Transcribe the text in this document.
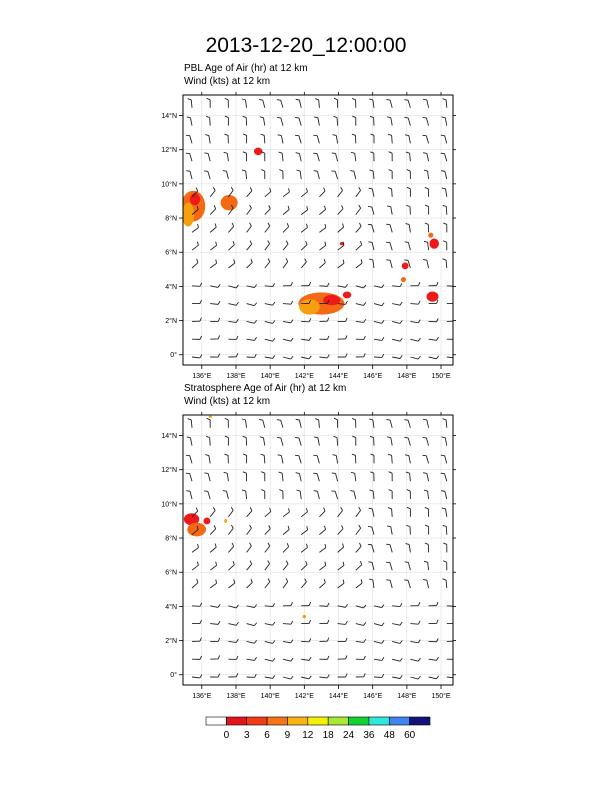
2013-12-20_12:00:00
PBL Age of Air (hr) at 12 km
Wind (kts) at 12 km
136°E 138°E 140°E 142°E 144°E 146°E 148°E 150°E
0°
2°N
4°N
6°N
8°N
10°N
12°N
14°N
Stratosphere Age of Air (hr) at 12 km
Wind (kts) at 12 km
136°E 138°E 140°E 142°E 144°E 146°E 148°E 150°E
0°
2°N
4°N
6°N
8°N
10°N
12°N
14°N
0 3 6 9 12 18 24 36 48 60
